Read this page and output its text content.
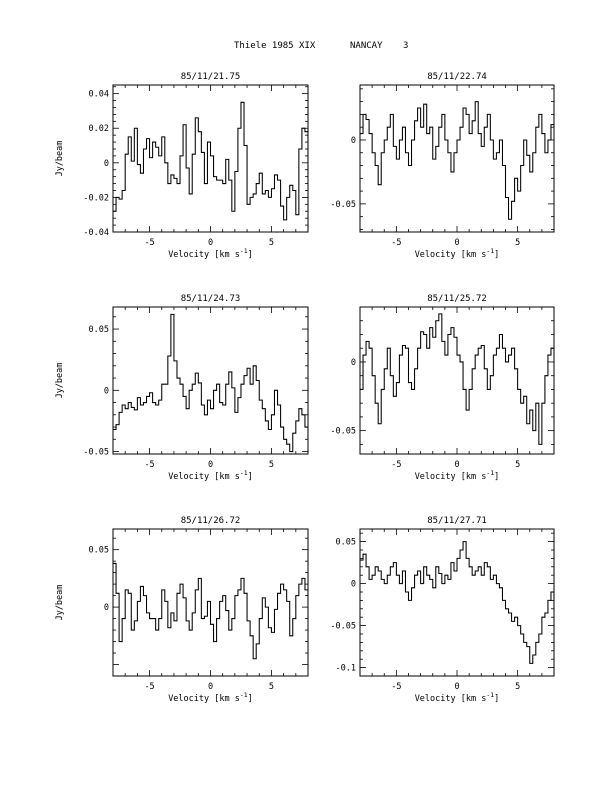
Thiele 1985 XIX	NANCAY 3
-5	0	5
-0.04
-0.02
0
0.02
0.04
85/11/21.75
Velocity [km $s^{-1}$]
Jy/beam
-5	0	5
-0.05
0
85/11/22.74
Velocity [km $s^{-1}$]
-5	0	5
-0.05
0
0.05
85/11/24.73
Velocity [km $s^{-1}$]
Jy/beam
-5	0	5
-0.05
0
85/11/25.72
Velocity [km $s^{-1}$]
-5	0	5
0
0.05
85/11/26.72
Velocity [km $s^{-1}$]
Jy/beam
-5	0	5
-0.1
-0.05
0
0.05
85/11/27.71
Velocity [km $s^{-1}$]
